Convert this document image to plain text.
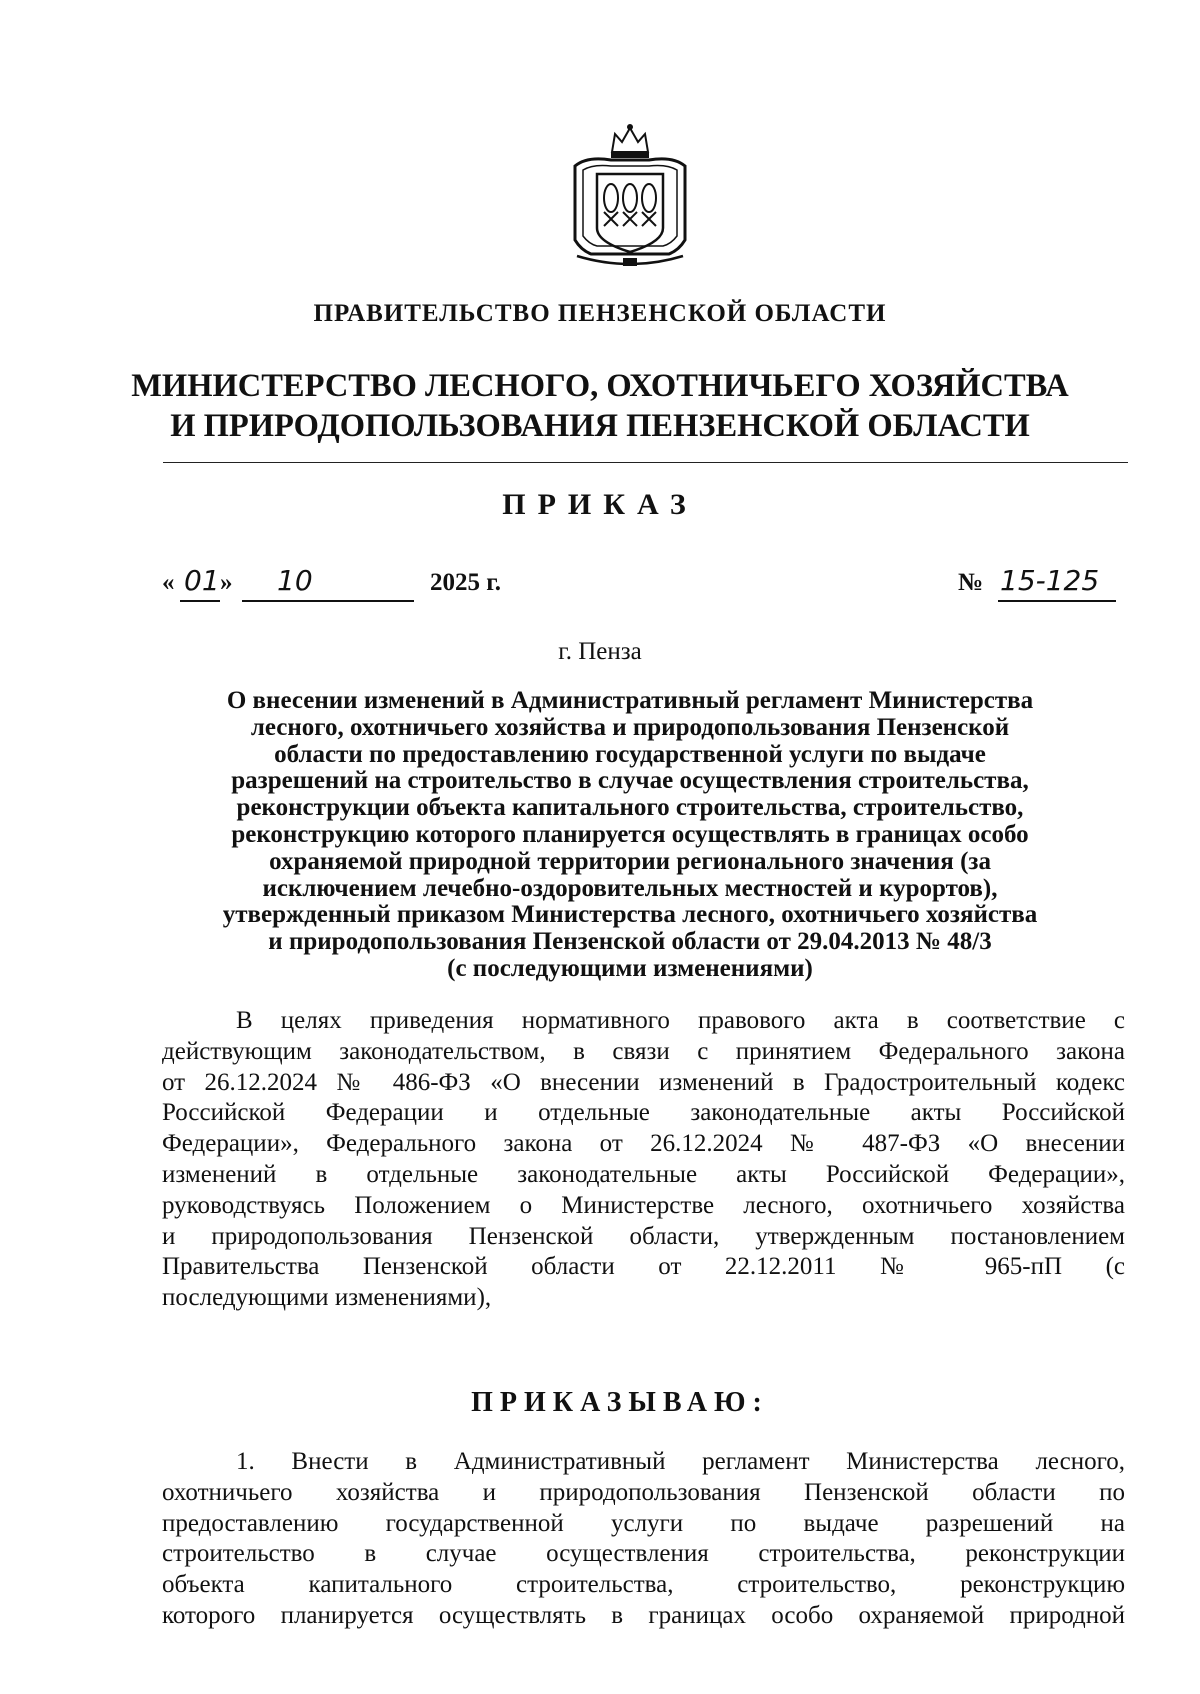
ПРАВИТЕЛЬСТВО ПЕНЗЕНСКОЙ ОБЛАСТИ
МИНИСТЕРСТВО ЛЕСНОГО, ОХОТНИЧЬЕГО ХОЗЯЙСТВА
И ПРИРОДОПОЛЬЗОВАНИЯ ПЕНЗЕНСКОЙ ОБЛАСТИ
ПРИКАЗ
« 01 » 10	2025 г.	№ 15-125
г. Пенза
О внесении изменений в Административный регламент Министерства
лесного, охотничьего хозяйства и природопользования Пензенской
области по предоставлению государственной услуги по выдаче
разрешений на строительство в случае осуществления строительства,
реконструкции объекта капитального строительства, строительство,
реконструкцию которого планируется осуществлять в границах особо
охраняемой природной территории регионального значения (за
исключением лечебно-оздоровительных местностей и курортов),
утвержденный приказом Министерства лесного, охотничьего хозяйства
и природопользования Пензенской области от 29.04.2013 № 48/3
(с последующими изменениями)
В целях приведения нормативного правового акта в соответствие с
действующим законодательством, в связи с принятием Федерального закона
от 26.12.2024 № 486-ФЗ «О внесении изменений в Градостроительный кодекс
Российской Федерации и отдельные законодательные акты Российской
Федерации», Федерального закона от 26.12.2024 № 487-ФЗ «О внесении
изменений в отдельные законодательные акты Российской Федерации»,
руководствуясь Положением о Министерстве лесного, охотничьего хозяйства
и природопользования Пензенской области, утвержденным постановлением
Правительства Пензенской области от 22.12.2011 № 965-пП (с
последующими изменениями),
ПРИКАЗЫВАЮ:
1. Внести в Административный регламент Министерства лесного,
охотничьего хозяйства и природопользования Пензенской области по
предоставлению государственной услуги по выдаче разрешений на
строительство в случае осуществления строительства, реконструкции
объекта капитального строительства, строительство, реконструкцию
которого планируется осуществлять в границах особо охраняемой природной
